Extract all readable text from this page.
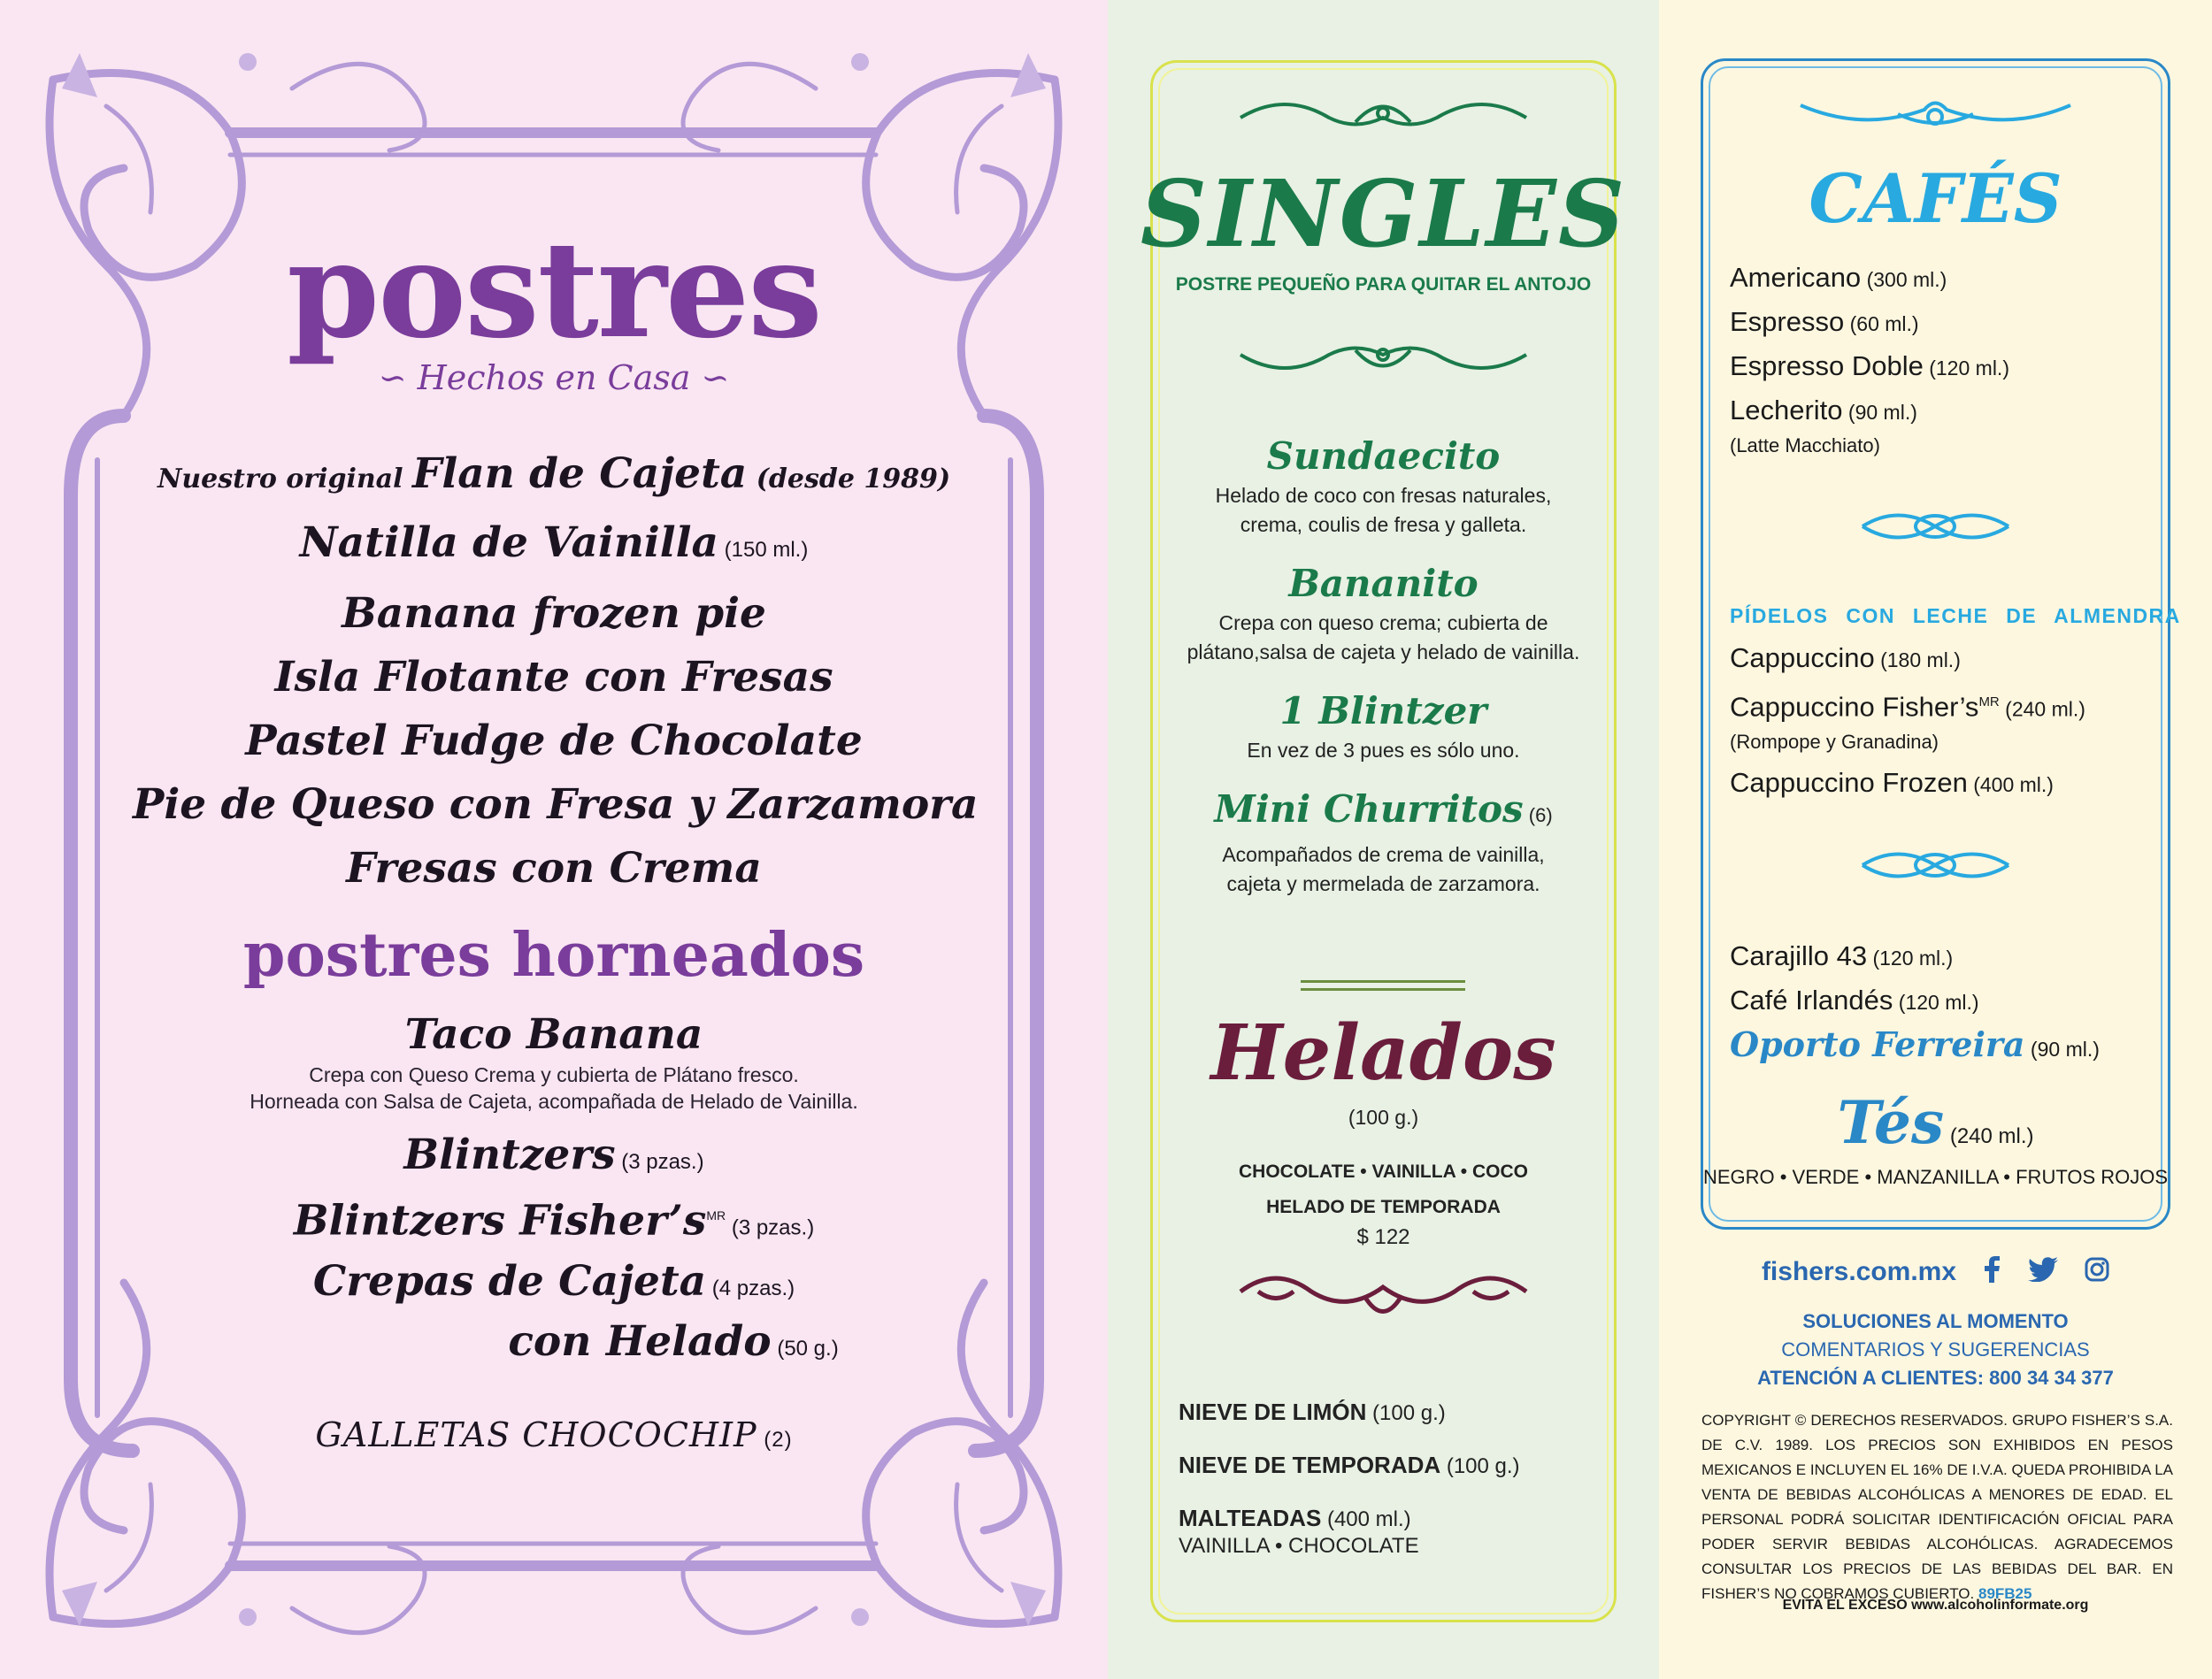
postres
∽ Hechos en Casa ∽
Nuestro original Flan de Cajeta (desde 1989)
Natilla de Vainilla (150 ml.)
Banana frozen pie
Isla Flotante con Fresas
Pastel Fudge de Chocolate
Pie de Queso con Fresa y Zarzamora
Fresas con Crema
postres horneados
Taco Banana
Crepa con Queso Crema y cubierta de Plátano fresco.
Horneada con Salsa de Cajeta, acompañada de Helado de Vainilla.
Blintzers (3 pzas.)
Blintzers $Fisher’s^{MR}$ (3 pzas.)
Crepas de Cajeta (4 pzas.)
con Helado (50 g.)
GALLETAS CHOCOCHIP (2)
SINGLES
POSTRE PEQUEÑO PARA QUITAR EL ANTOJO
Sundaecito
Helado de coco con fresas naturales,
crema, coulis de fresa y galleta.
Bananito
Crepa con queso crema; cubierta de
plátano,salsa de cajeta y helado de vainilla.
1 Blintzer
En vez de 3 pues es sólo uno.
Mini Churritos (6)
Acompañados de crema de vainilla,
cajeta y mermelada de zarzamora.
Helados
(100 g.)
CHOCOLATE • VAINILLA • COCO
HELADO DE TEMPORADA
$ 122
NIEVE DE LIMÓN (100 g.)
NIEVE DE TEMPORADA (100 g.)
MALTEADAS (400 ml.)
VAINILLA • CHOCOLATE
CAFÉS
Americano (300 ml.)
Espresso (60 ml.)
Espresso Doble (120 ml.)
Lecherito (90 ml.)
(Latte Macchiato)
PÍDELOS CON LECHE DE ALMENDRA
Cappuccino (180 ml.)
Cappuccino $Fisher’s^{MR}$ (240 ml.)
(Rompope y Granadina)
Cappuccino Frozen (400 ml.)
Carajillo 43 (120 ml.)
Café Irlandés (120 ml.)
Oporto Ferreira (90 ml.)
Tés (240 ml.)
NEGRO • VERDE • MANZANILLA • FRUTOS ROJOS
fishers.com.mx
SOLUCIONES AL MOMENTO
COMENTARIOS Y SUGERENCIAS
ATENCIÓN A CLIENTES: 800 34 34 377
COPYRIGHT © DERECHOS RESERVADOS. GRUPO FISHER’S S.A. DE C.V. 1989. LOS PRECIOS SON EXHIBIDOS EN PESOS MEXICANOS E INCLUYEN EL 16% DE I.V.A. QUEDA PROHIBIDA LA VENTA DE BEBIDAS ALCOHÓLICAS A MENORES DE EDAD. EL PERSONAL PODRÁ SOLICITAR IDENTIFICACIÓN OFICIAL PARA PODER SERVIR BEBIDAS ALCOHÓLICAS. AGRADECEMOS CONSULTAR LOS PRECIOS DE LAS BEBIDAS DEL BAR. EN FISHER’S NO COBRAMOS CUBIERTO. 89FB25
EVITA EL EXCESO www.alcoholinformate.org
